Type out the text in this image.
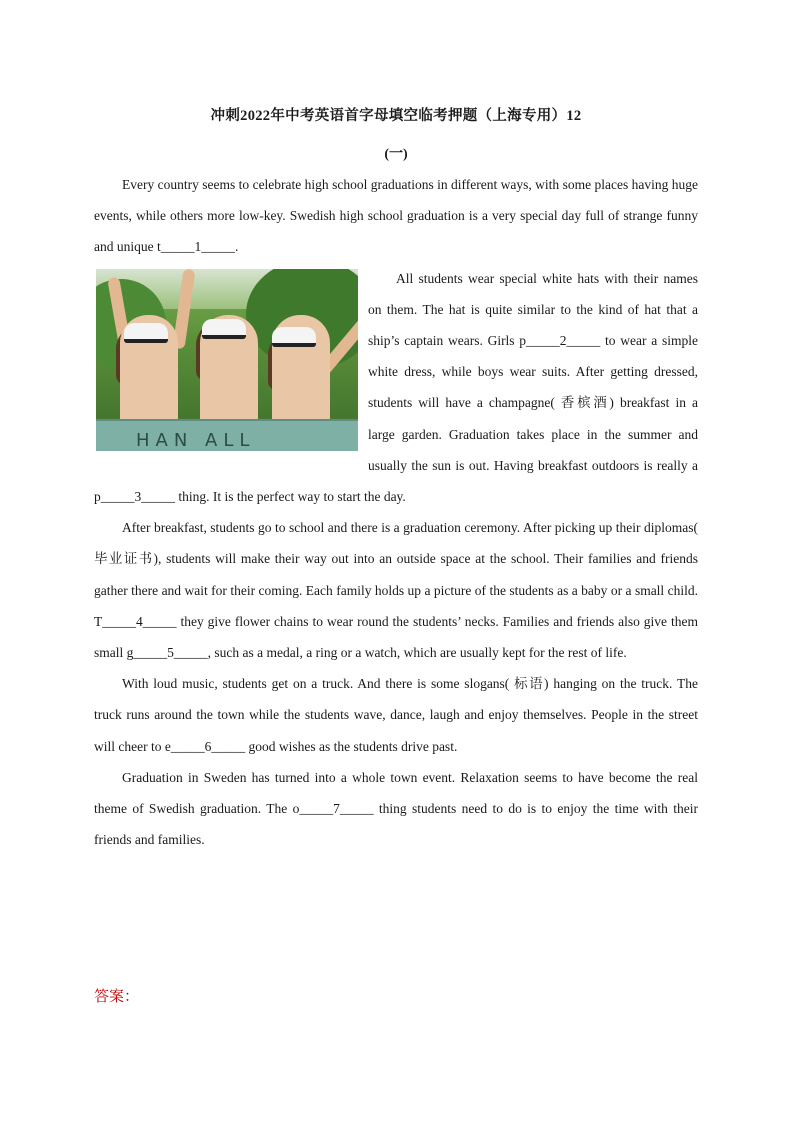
冲刺2022年中考英语首字母填空临考押题（上海专用）12
(一)

Every country seems to celebrate high school graduations in different ways, with some places having huge events, while others more low-key. Swedish high school graduation is a very special day full of strange funny and unique t_____1_____.

HAN ALL

All students wear special white hats with their names on them. The hat is quite similar to the kind of hat that a ship’s captain wears. Girls p_____2_____ to wear a simple white dress, while boys wear suits. After getting dressed, students will have a champagne( 香槟酒) breakfast in a large garden. Graduation takes place in the summer and usually the sun is out. Having breakfast outdoors is really a p_____3_____ thing. It is the perfect way to start the day.

After breakfast, students go to school and there is a graduation ceremony. After picking up their diplomas( 毕业证书), students will make their way out into an outside space at the school. Their families and friends gather there and wait for their coming. Each family holds up a picture of the students as a baby or a small child. T_____4_____ they give flower chains to wear round the students’ necks. Families and friends also give them small g_____5_____, such as a medal, a ring or a watch, which are usually kept for the rest of life.

With loud music, students get on a truck. And there is some slogans( 标语) hanging on the truck. The truck runs around the town while the students wave, dance, laugh and enjoy themselves. People in the street will cheer to e_____6_____ good wishes as the students drive past.

Graduation in Sweden has turned into a whole town event. Relaxation seems to have become the real theme of Swedish graduation. The o_____7_____ thing students need to do is to enjoy the time with their friends and families.

答案：
